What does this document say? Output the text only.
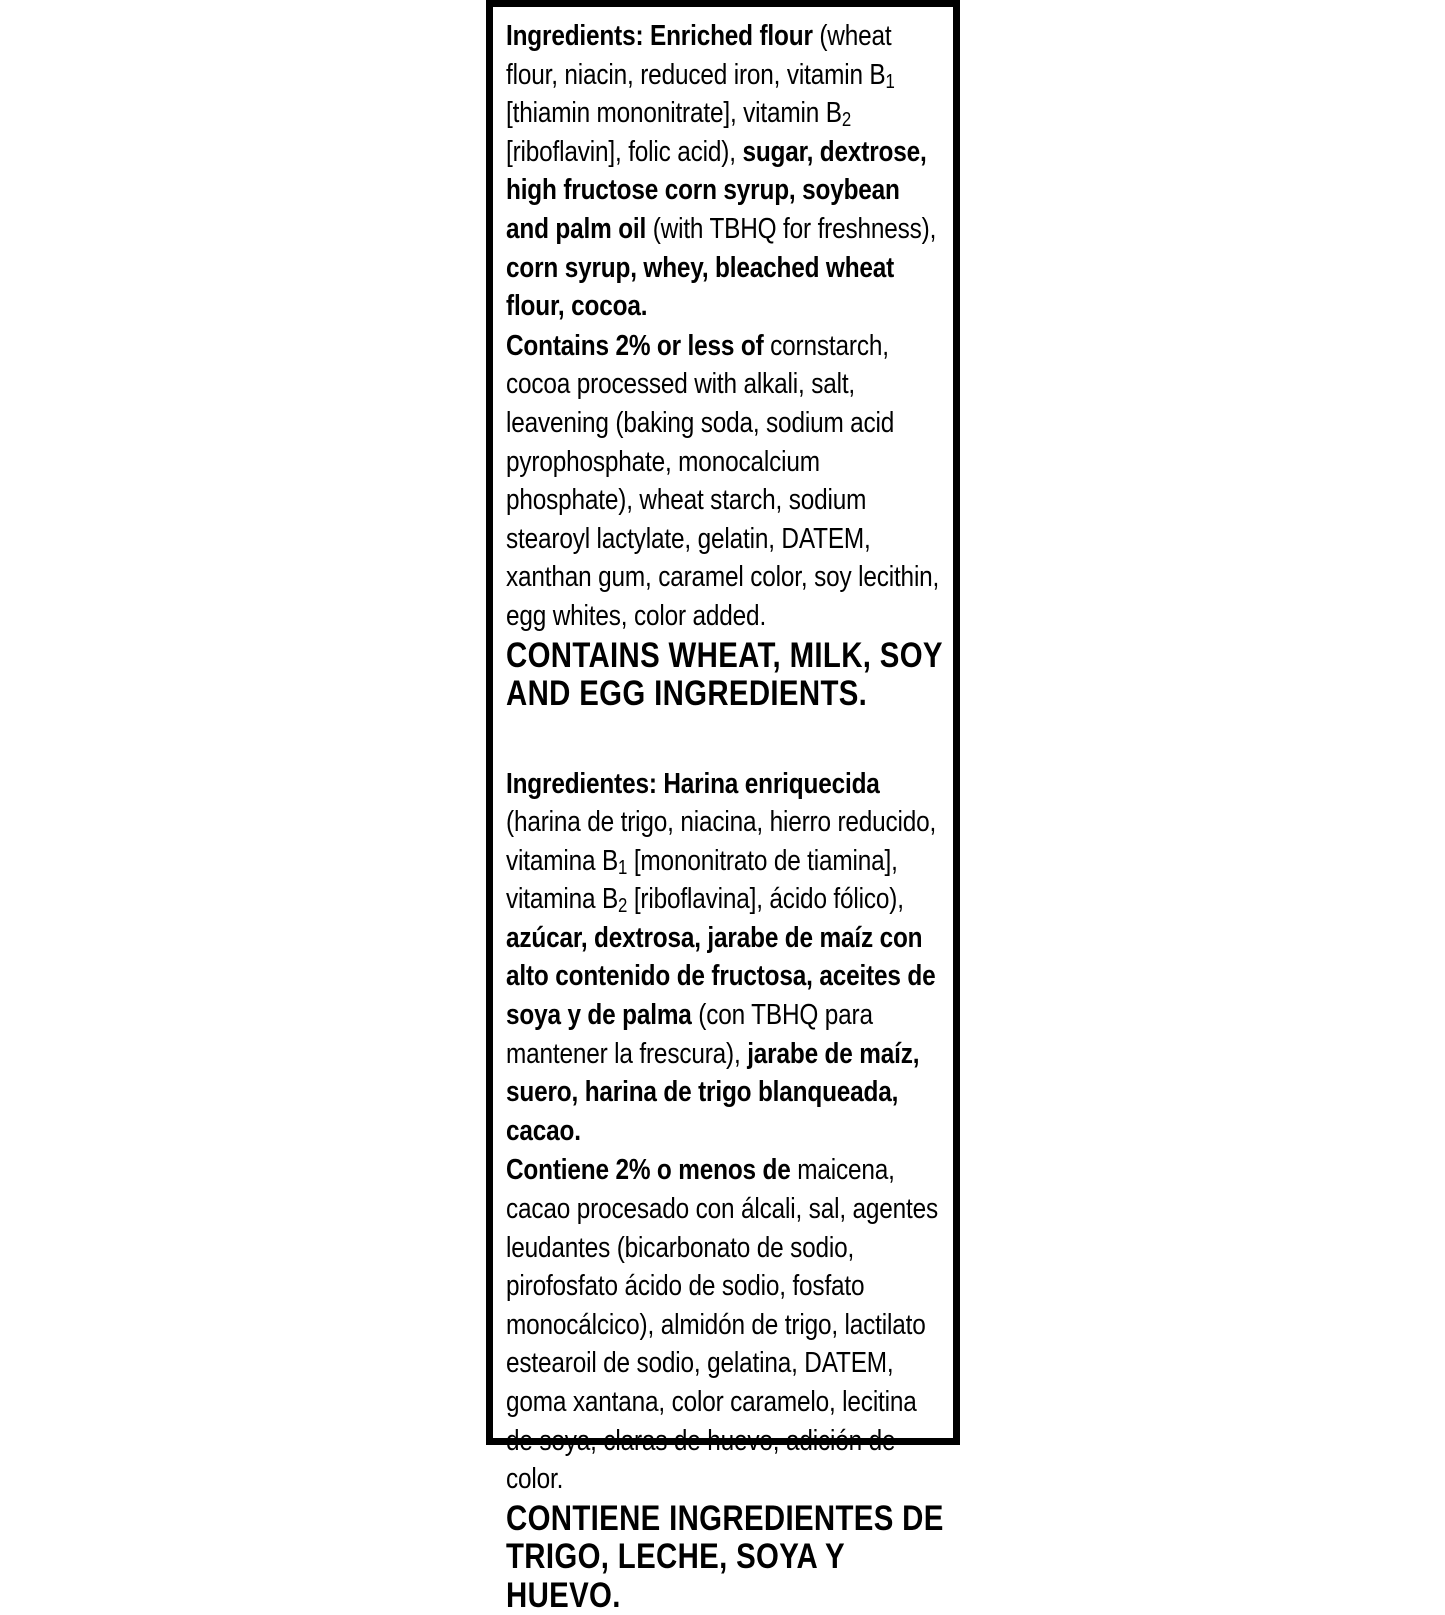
Ingredients: Enriched flour (wheat flour, niacin, reduced iron, vitamin $B_1$ [thiamin mononitrate], vitamin $B_2$ [riboflavin], folic acid), sugar, dextrose, high fructose corn syrup, soybean and palm oil (with TBHQ for freshness), corn syrup, whey, bleached wheat flour, cocoa.

Contains 2% or less of cornstarch, cocoa processed with alkali, salt, leavening (baking soda, sodium acid pyrophosphate, monocalcium phosphate), wheat starch, sodium stearoyl lactylate, gelatin, DATEM, xanthan gum, caramel color, soy lecithin, egg whites, color added.

CONTAINS WHEAT, MILK, SOY AND EGG INGREDIENTS.

Ingredientes: Harina enriquecida (harina de trigo, niacina, hierro reducido, vitamina $B_1$ [mononitrato de tiamina], vitamina $B_2$ [riboflavina], ácido fólico), azúcar, dextrosa, jarabe de maíz con alto contenido de fructosa, aceites de soya y de palma (con TBHQ para mantener la frescura), jarabe de maíz, suero, harina de trigo blanqueada, cacao.

Contiene 2% o menos de maicena, cacao procesado con álcali, sal, agentes leudantes (bicarbonato de sodio, pirofosfato ácido de sodio, fosfato monocálcico), almidón de trigo, lactilato estearoil de sodio, gelatina, DATEM, goma xantana, color caramelo, lecitina de soya, claras de huevo, adición de color.

CONTIENE INGREDIENTES DE TRIGO, LECHE, SOYA Y HUEVO.
